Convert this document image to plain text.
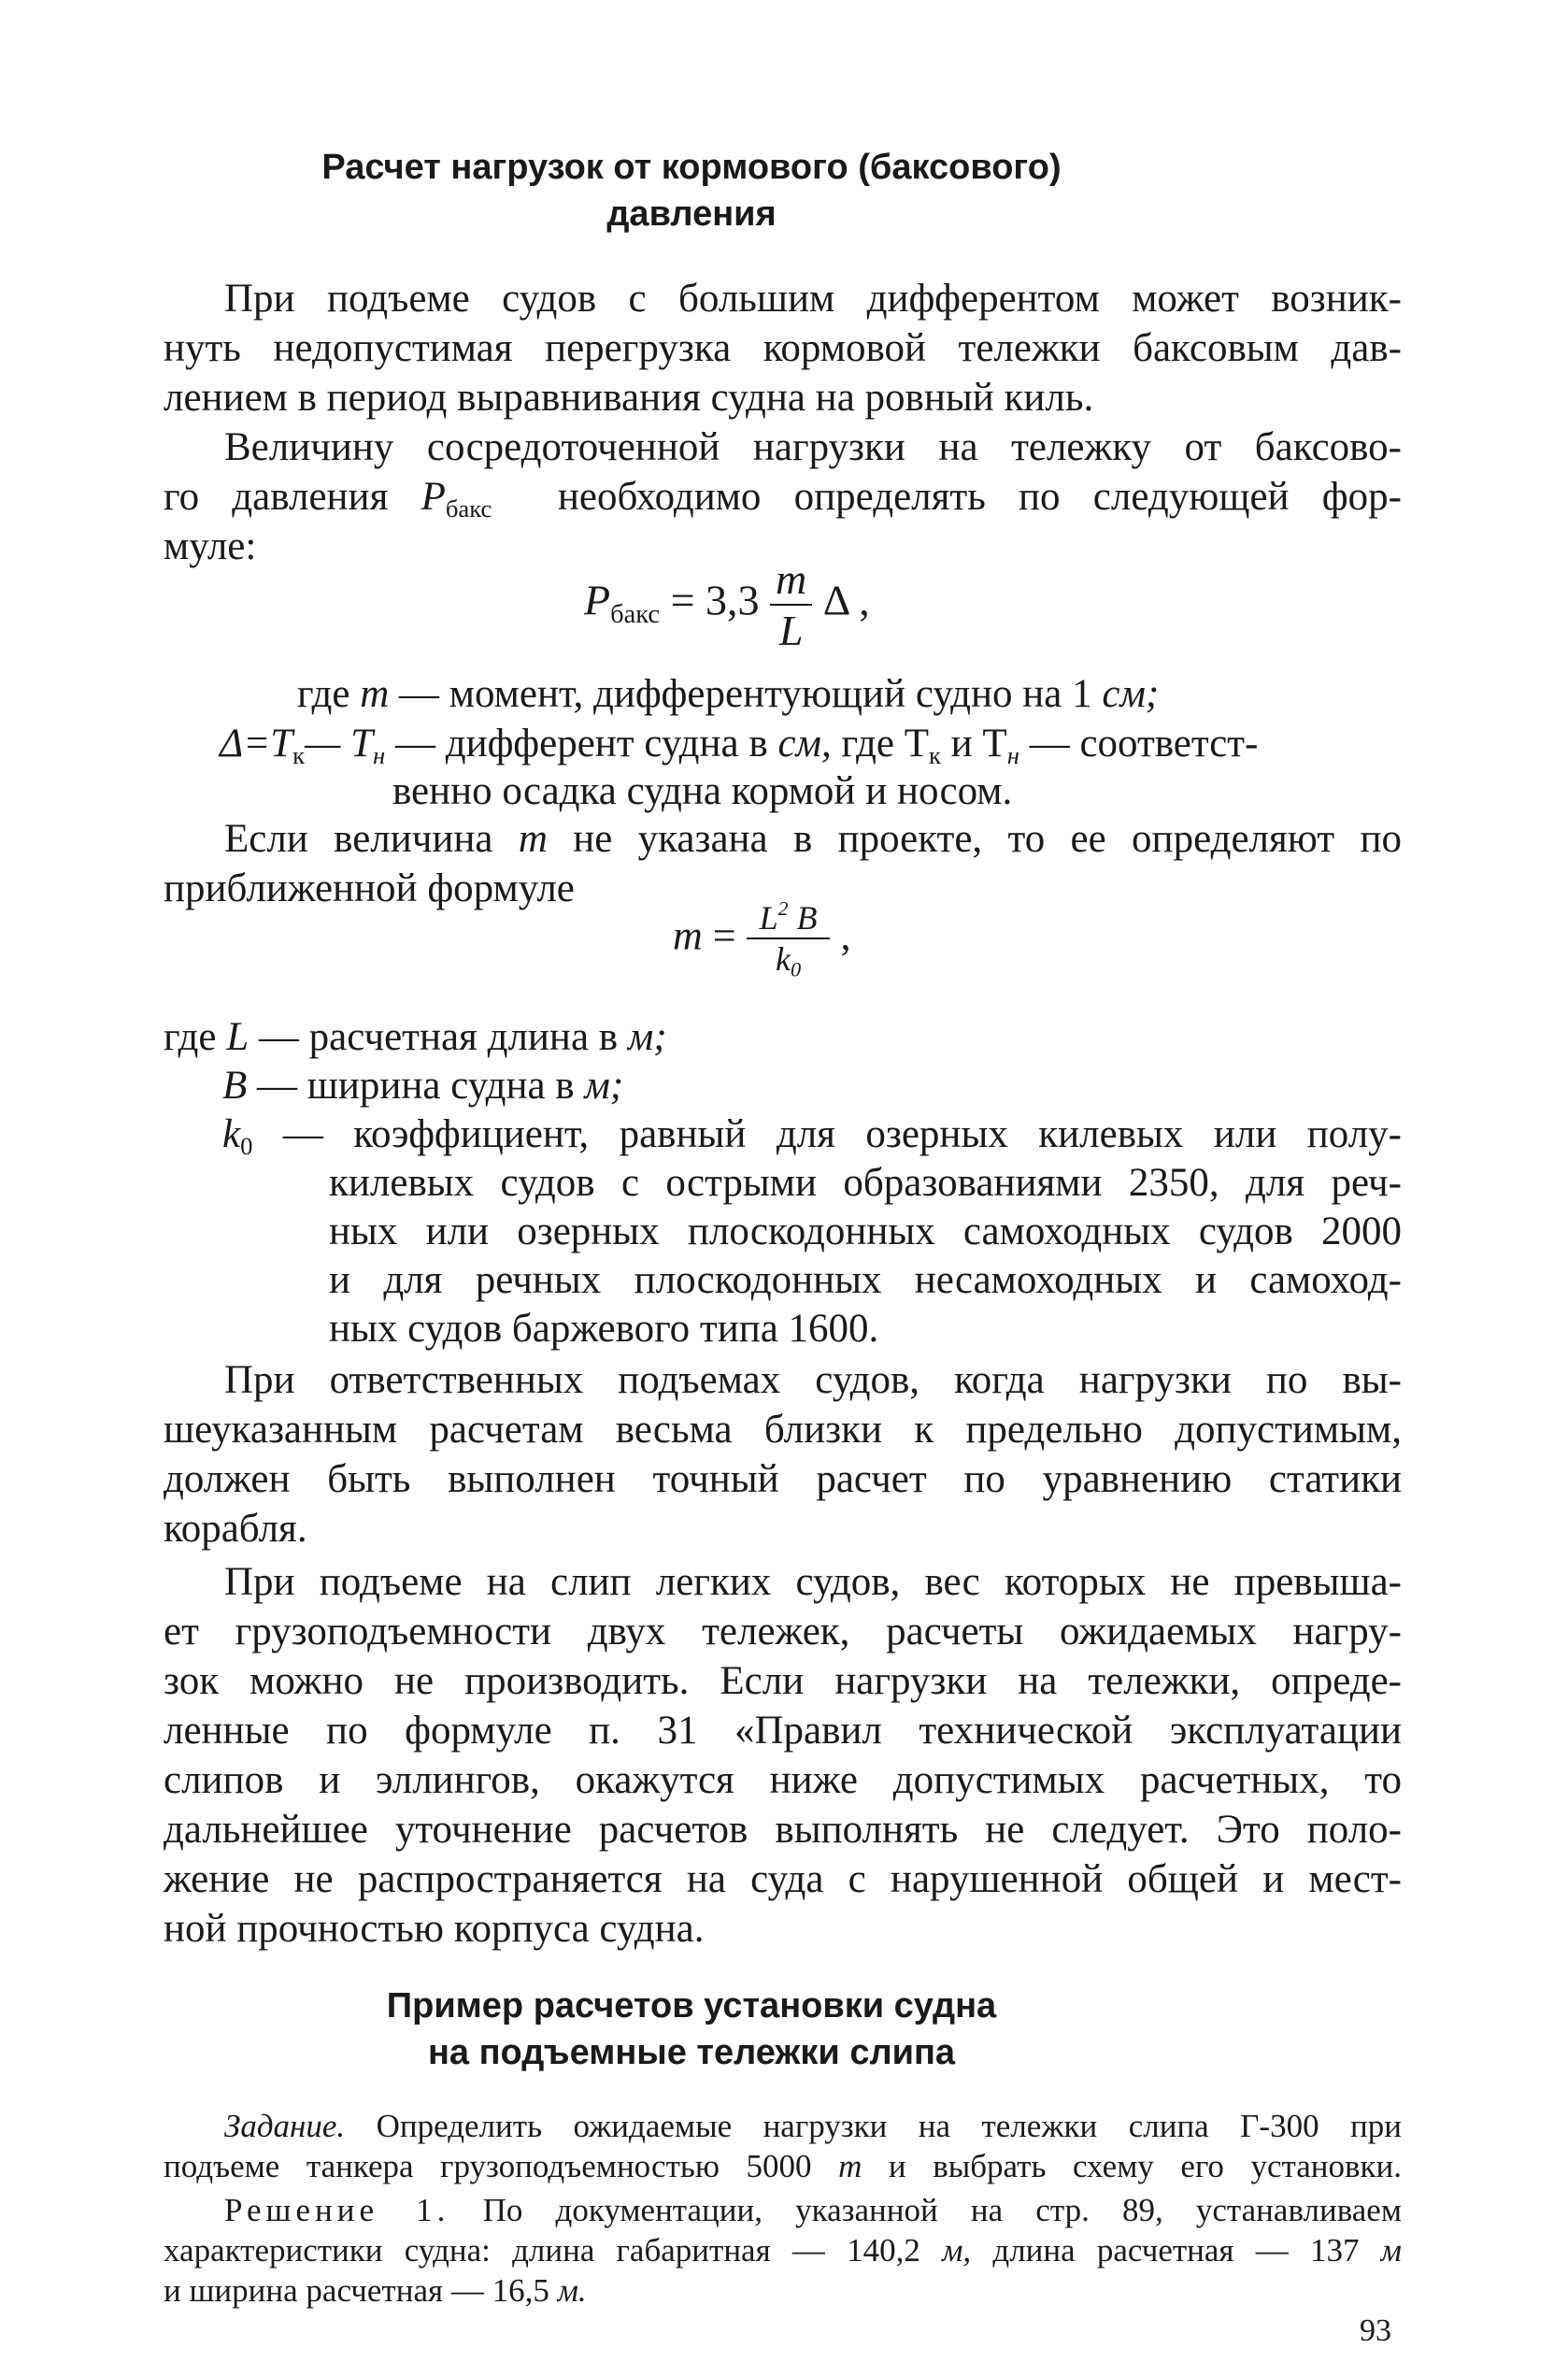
Расчет нагрузок от кормового (баксового)
давления
При подъеме судов с большим дифферентом может возник-
нуть недопустимая перегрузка кормовой тележки баксовым дав-
лением в период выравнивания судна на ровный киль.
Величину сосредоточенной нагрузки на тележку от баксово-
го давления $P_{бакс}$ необходимо определять по следующей фор-
муле:
$P_{бакс} = 3,3 \frac{m}{L}$ Δ ,
где m — момент, дифферентующий судно на 1 см;
$\Delta=T_к—$ $T_н$ — дифферент судна в см, где $T_к$ и $T_н$ — соответст-
венно осадка судна кормой и носом.
Если величина m не указана в проекте, то ее определяют по
приближенной формуле
$m = \frac{L^2 B}{k_0}$ ,
где L — расчетная длина в м;
B — ширина судна в м;
$k_0$ — коэффициент, равный для озерных килевых или полу-
килевых судов с острыми образованиями 2350, для реч-
ных или озерных плоскодонных самоходных судов 2000
и для речных плоскодонных несамоходных и самоход-
ных судов баржевого типа 1600.
При ответственных подъемах судов, когда нагрузки по вы-
шеуказанным расчетам весьма близки к предельно допустимым,
должен быть выполнен точный расчет по уравнению статики
корабля.
При подъеме на слип легких судов, вес которых не превыша-
ет грузоподъемности двух тележек, расчеты ожидаемых нагру-
зок можно не производить. Если нагрузки на тележки, опреде-
ленные по формуле п. 31 «Правил технической эксплуатации
слипов и эллингов, окажутся ниже допустимых расчетных, то
дальнейшее уточнение расчетов выполнять не следует. Это поло-
жение не распространяется на суда с нарушенной общей и мест-
ной прочностью корпуса судна.
Пример расчетов установки судна
на подъемные тележки слипа
Задание. Определить ожидаемые нагрузки на тележки слипа Г-300 при
подъеме танкера грузоподъемностью 5000 т и выбрать схему его установки.
Решение 1. По документации, указанной на стр. 89, устанавливаем
характеристики судна: длина габаритная — 140,2 м, длина расчетная — 137 м
и ширина расчетная — 16,5 м.
93
